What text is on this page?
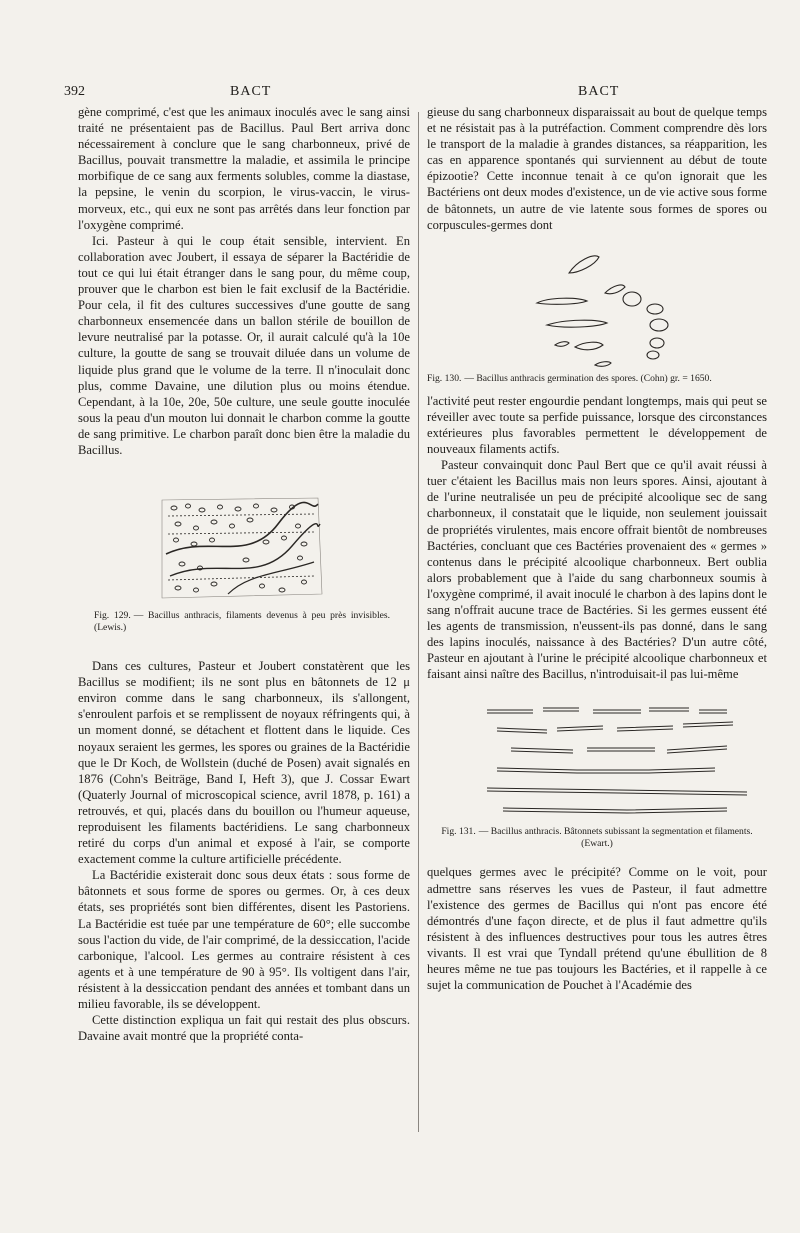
392	BACT	BACT

gène comprimé, c'est que les animaux inoculés avec le sang ainsi traité ne présentaient pas de Bacillus. Paul Bert arriva donc nécessairement à conclure que le sang charbonneux, privé de Bacillus, pouvait transmettre la maladie, et assimila le principe morbifique de ce sang aux ferments solubles, comme la diastase, la pepsine, le venin du scorpion, le virus-vaccin, le virus-morveux, etc., qui eux ne sont pas arrêtés dans leur fonction par l'oxygène comprimé.

Ici. Pasteur à qui le coup était sensible, intervient. En collaboration avec Joubert, il essaya de séparer la Bactéridie de tout ce qui lui était étranger dans le sang pour, du même coup, prouver que le charbon est bien le fait exclusif de la Bactéridie. Pour cela, il fit des cultures successives d'une goutte de sang charbonneux ensemencée dans un ballon stérile de bouillon de levure neutralisé par la potasse. Or, il aurait calculé qu'à la 10e culture, la goutte de sang se trouvait diluée dans un volume de liquide plus grand que le volume de la terre. Il n'inoculait donc plus, comme Davaine, une dilution plus ou moins étendue. Cependant, à la 10e, 20e, 50e culture, une seule goutte inoculée sous la peau d'un mouton lui donnait le charbon comme la goutte de sang primitive. Le charbon paraît donc bien être la maladie du Bacillus.

Fig. 129. — Bacillus anthracis, filaments devenus à peu près invisibles. (Lewis.)

Dans ces cultures, Pasteur et Joubert constatèrent que les Bacillus se modifient; ils ne sont plus en bâtonnets de 12 μ environ comme dans le sang charbonneux, ils s'allongent, s'enroulent parfois et se remplissent de noyaux réfringents qui, à un moment donné, se détachent et flottent dans le liquide. Ces noyaux seraient les germes, les spores ou graines de la Bactéridie que le Dr Koch, de Wollstein (duché de Posen) avait signalés en 1876 (Cohn's Beiträge, Band I, Heft 3), que J. Cossar Ewart (Quaterly Journal of microscopical science, avril 1878, p. 161) a retrouvés, et qui, placés dans du bouillon ou l'humeur aqueuse, reproduisent les filaments bactéridiens. Le sang charbonneux retiré du corps d'un animal et exposé à l'air, se comporte exactement comme la culture artificielle précédente.

La Bactéridie existerait donc sous deux états : sous forme de bâtonnets et sous forme de spores ou germes. Or, à ces deux états, ses propriétés sont bien différentes, disent les Pastoriens. La Bactéridie est tuée par une température de 60°; elle succombe sous l'action du vide, de l'air comprimé, de la dessiccation, l'acide carbonique, l'alcool. Les germes au contraire résistent à ces agents et à une température de 90 à 95°. Ils voltigent dans l'air, résistent à la dessiccation pendant des années et tombant dans un milieu favorable, ils se développent.

Cette distinction expliqua un fait qui restait des plus obscurs. Davaine avait montré que la propriété conta-

gieuse du sang charbonneux disparaissait au bout de quelque temps et ne résistait pas à la putréfaction. Comment comprendre dès lors le transport de la maladie à grandes distances, sa réapparition, les cas en apparence spontanés qui surviennent au début de toute épizootie? Cette inconnue tenait à ce qu'on ignorait que les Bactériens ont deux modes d'existence, un de vie active sous forme de bâtonnets, un autre de vie latente sous formes de spores ou corpuscules-germes dont

Fig. 130. — Bacillus anthracis germination des spores. (Cohn) gr. = 1650.

l'activité peut rester engourdie pendant longtemps, mais qui peut se réveiller avec toute sa perfide puissance, lorsque des circonstances extérieures plus favorables permettent le développement de nouveaux filaments actifs.

Pasteur convainquit donc Paul Bert que ce qu'il avait réussi à tuer c'étaient les Bacillus mais non leurs spores. Ainsi, ajoutant à de l'urine neutralisée un peu de précipité alcoolique sec de sang charbonneux, il constatait que le liquide, non seulement jouissait de propriétés virulentes, mais encore offrait bientôt de nombreuses Bactéries, concluant que ces Bactéries provenaient des « germes » contenus dans le précipité alcoolique charbonneux. Bert oublia alors probablement que à l'aide du sang charbonneux soumis à l'oxygène comprimé, il avait inoculé le charbon à des lapins dont le sang n'offrait aucune trace de Bactéries. Si les germes eussent été les agents de transmission, n'eussent-ils pas donné, dans le sang des lapins inoculés, naissance à des Bactéries? D'un autre côté, Pasteur en ajoutant à l'urine le précipité alcoolique charbonneux et faisant ainsi naître des Bacillus, n'introduisait-il pas lui-même

Fig. 131. — Bacillus anthracis. Bâtonnets subissant la segmentation et filaments. (Ewart.)

quelques germes avec le précipité? Comme on le voit, pour admettre sans réserves les vues de Pasteur, il faut admettre l'existence des germes de Bacillus qui n'ont pas encore été démontrés d'une façon directe, et de plus il faut admettre qu'ils résistent à des influences destructives pour tous les autres êtres vivants. Il est vrai que Tyndall prétend qu'une ébullition de 8 heures même ne tue pas toujours les Bactéries, et il rappelle à ce sujet la communication de Pouchet à l'Académie des
